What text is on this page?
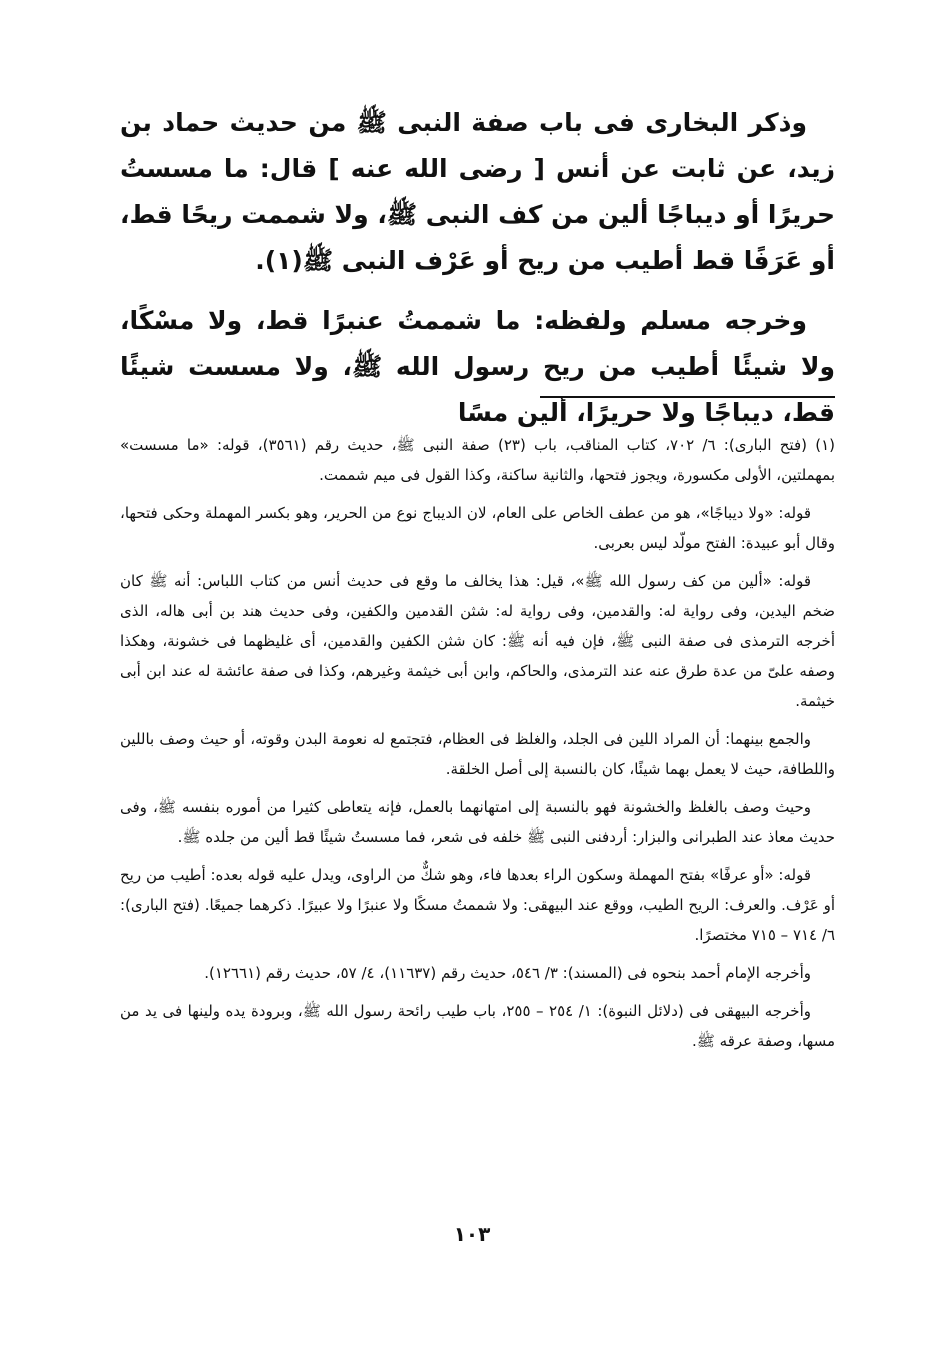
وذكر البخارى فى باب صفة النبى ﷺ من حديث حماد بن زيد، عن ثابت عن أنس [ رضى الله عنه ] قال: ما مسستُ حريرًا أو ديباجًا ألين من كف النبى ﷺ، ولا شممت ريحًا قط، أو عَرَفًا قط أطيب من ريح أو عَرْف النبى ﷺ(١).

وخرجه مسلم ولفظه: ما شممتُ عنبرًا قط، ولا مسْكًا، ولا شيئًا أطيب من ريح رسول الله ﷺ، ولا مسست شيئًا قط، ديباجًا ولا حريرًا، ألين مسًا

(١) (فتح البارى): ٦/ ٧٠٢، كتاب المناقب، باب (٢٣) صفة النبى ﷺ، حديث رقم (٣٥٦١)، قوله: «ما مسست» بمهملتين، الأولى مكسورة، ويجوز فتحها، والثانية ساكنة، وكذا القول فى ميم شممت.

قوله: «ولا ديباجًا»، هو من عطف الخاص على العام، لان الديباج نوع من الحرير، وهو بكسر المهملة وحكى فتحها، وقال أبو عبيدة: الفتح مولّد ليس بعربى.

قوله: «ألين من كف رسول الله ﷺ»، قيل: هذا يخالف ما وقع فى حديث أنس من كتاب اللباس: أنه ﷺ كان ضخم اليدين، وفى رواية له: والقدمين، وفى رواية له: شثن القدمين والكفين، وفى حديث هند بن أبى هاله، الذى أخرجه الترمذى فى صفة النبى ﷺ، فإن فيه أنه ﷺ: كان شثن الكفين والقدمين، أى غليظهما فى خشونة، وهكذا وصفه علىّ من عدة طرق عنه عند الترمذى، والحاكم، وابن أبى خيثمة وغيرهم، وكذا فى صفة عائشة له عند ابن أبى خيثمة.

والجمع بينهما: أن المراد اللين فى الجلد، والغلظ فى العظام، فتجتمع له نعومة البدن وقوته، أو حيث وصف باللين واللطافة، حيث لا يعمل بهما شيئًا، كان بالنسبة إلى أصل الخلقة.

وحيث وصف بالغلظ والخشونة فهو بالنسبة إلى امتهانهما بالعمل، فإنه يتعاطى كثيرا من أموره بنفسه ﷺ، وفى حديث معاذ عند الطبرانى والبزار: أردفنى النبى ﷺ خلفه فى شعر، فما مسستُ شيئًا قط ألين من جلده ﷺ.

قوله: «أو عرفًا» بفتح المهملة وسكون الراء بعدها فاء، وهو شكٌّ من الراوى، ويدل عليه قوله بعده: أطيب من ريح أو عَرْف. والعرف: الريح الطيب، ووقع عند البيهقى: ولا شممتُ مسكًا ولا عنبرًا ولا عبيرًا. ذكرهما جميعًا. (فتح البارى): ٦/ ٧١٤ – ٧١٥ مختصرًا.

وأخرجه الإمام أحمد بنحوه فى (المسند): ٣/ ٥٤٦، حديث رقم (١١٦٣٧)، ٤/ ٥٧، حديث رقم (١٢٦٦١).

وأخرجه البيهقى فى (دلائل النبوة): ١/ ٢٥٤ – ٢٥٥، باب طيب رائحة رسول الله ﷺ، وبرودة يده ولينها فى يد من مسها، وصفة عرقه ﷺ.

١٠٣
